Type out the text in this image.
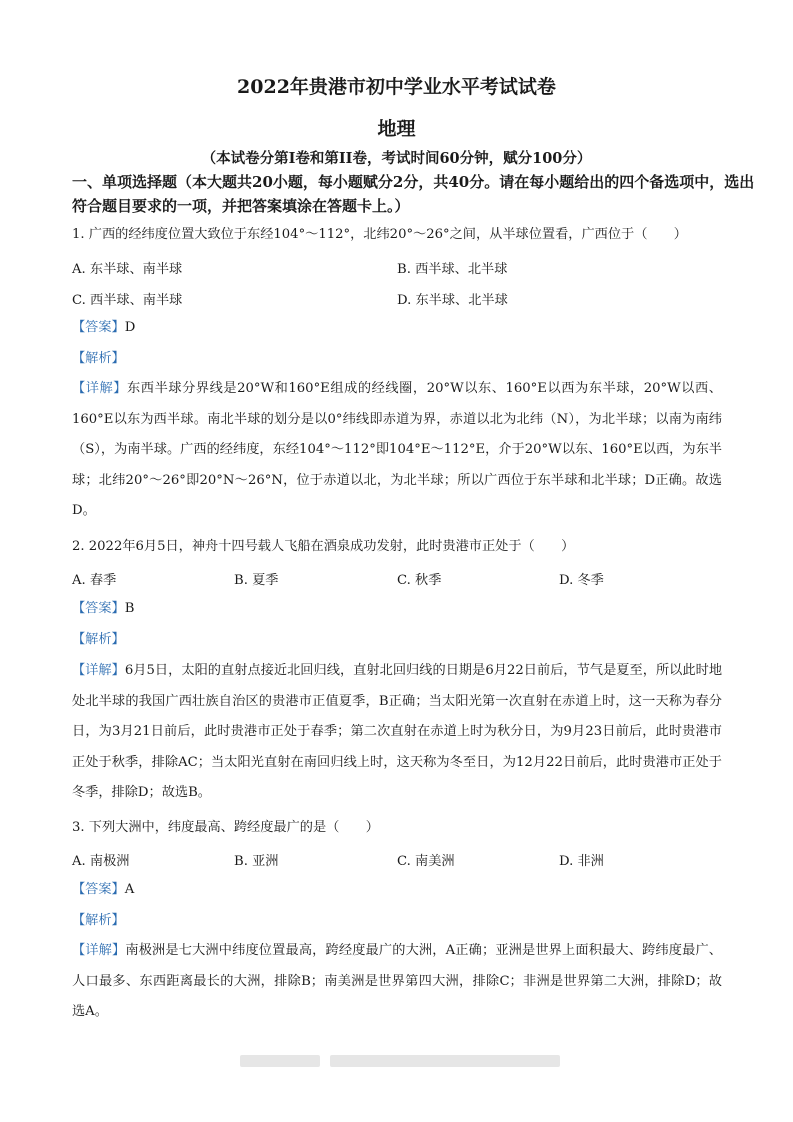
2022年贵港市初中学业水平考试试卷
地理
（本试卷分第I卷和第II卷，考试时间60分钟，赋分100分）
一、单项选择题（本大题共20小题，每小题赋分2分，共40分。请在每小题给出的四个备选项中，选出符合题目要求的一项，并把答案填涂在答题卡上。）
1. 广西的经纬度位置大致位于东经104°～112°，北纬20°～26°之间，从半球位置看，广西位于（　　）
A. 东半球、南半球	B. 西半球、北半球
C. 西半球、南半球	D. 东半球、北半球
【答案】D
【解析】
【详解】东西半球分界线是20°W和160°E组成的经线圈，20°W以东、160°E以西为东半球，20°W以西、160°E以东为西半球。南北半球的划分是以0°纬线即赤道为界，赤道以北为北纬（N），为北半球；以南为南纬（S），为南半球。广西的经纬度，东经104°～112°即104°E～112°E，介于20°W以东、160°E以西，为东半球；北纬20°～26°即20°N～26°N，位于赤道以北，为北半球；所以广西位于东半球和北半球；D正确。故选D。
2. 2022年6月5日，神舟十四号载人飞船在酒泉成功发射，此时贵港市正处于（　　）
A. 春季	B. 夏季	C. 秋季	D. 冬季
【答案】B
【解析】
【详解】6月5日，太阳的直射点接近北回归线，直射北回归线的日期是6月22日前后，节气是夏至，所以此时地处北半球的我国广西壮族自治区的贵港市正值夏季，B正确；当太阳光第一次直射在赤道上时，这一天称为春分日，为3月21日前后，此时贵港市正处于春季；第二次直射在赤道上时为秋分日，为9月23日前后，此时贵港市正处于秋季，排除AC；当太阳光直射在南回归线上时，这天称为冬至日，为12月22日前后，此时贵港市正处于冬季，排除D；故选B。
3. 下列大洲中，纬度最高、跨经度最广的是（　　）
A. 南极洲	B. 亚洲	C. 南美洲	D. 非洲
【答案】A
【解析】
【详解】南极洲是七大洲中纬度位置最高，跨经度最广的大洲，A正确；亚洲是世界上面积最大、跨纬度最广、人口最多、东西距离最长的大洲，排除B；南美洲是世界第四大洲，排除C；非洲是世界第二大洲，排除D；故选A。
